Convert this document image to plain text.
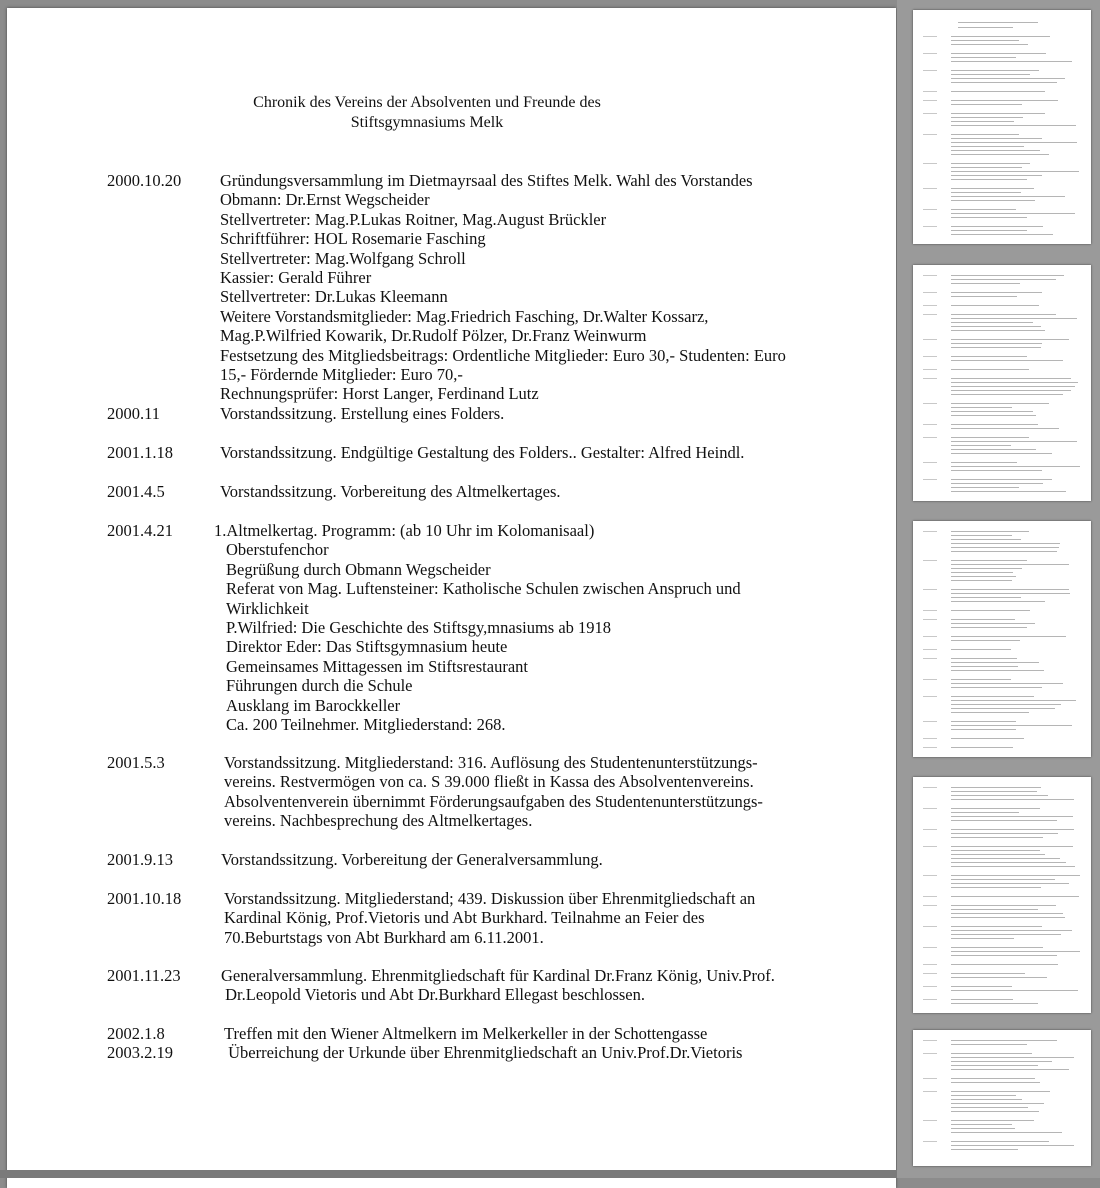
Chronik des Vereins der Absolventen und Freunde des
Stiftsgymnasiums Melk
2000.10.20 Gründungsversammlung im Dietmayrsaal des Stiftes Melk. Wahl des Vorstandes
Obmann: Dr.Ernst Wegscheider
Stellvertreter: Mag.P.Lukas Roitner, Mag.August Brückler
Schriftführer: HOL Rosemarie Fasching
Stellvertreter: Mag.Wolfgang Schroll
Kassier: Gerald Führer
Stellvertreter: Dr.Lukas Kleemann
Weitere Vorstandsmitglieder: Mag.Friedrich Fasching, Dr.Walter Kossarz,
Mag.P.Wilfried Kowarik, Dr.Rudolf Pölzer, Dr.Franz Weinwurm
Festsetzung des Mitgliedsbeitrags: Ordentliche Mitglieder: Euro 30,- Studenten: Euro
15,- Fördernde Mitglieder: Euro 70,-
Rechnungsprüfer: Horst Langer, Ferdinand Lutz
2000.11	Vorstandssitzung. Erstellung eines Folders.
2001.1.18	Vorstandssitzung. Endgültige Gestaltung des Folders.. Gestalter: Alfred Heindl.
2001.4.5	Vorstandssitzung. Vorbereitung des Altmelkertages.
2001.4.21 1.Altmelkertag. Programm: (ab 10 Uhr im Kolomanisaal)
Oberstufenchor
Begrüßung durch Obmann Wegscheider
Referat von Mag. Luftensteiner: Katholische Schulen zwischen Anspruch und
Wirklichkeit
P.Wilfried: Die Geschichte des Stiftsgy,mnasiums ab 1918
Direktor Eder: Das Stiftsgymnasium heute
Gemeinsames Mittagessen im Stiftsrestaurant
Führungen durch die Schule
Ausklang im Barockkeller
Ca. 200 Teilnehmer. Mitgliederstand: 268.
2001.5.3	Vorstandssitzung. Mitgliederstand: 316. Auflösung des Studentenunterstützungs-
vereins. Restvermögen von ca. S 39.000 fließt in Kassa des Absolventenvereins.
Absolventenverein übernimmt Förderungsaufgaben des Studentenunterstützungs-
vereins. Nachbesprechung des Altmelkertages.
2001.9.13	Vorstandssitzung. Vorbereitung der Generalversammlung.
2001.10.18	Vorstandssitzung. Mitgliederstand; 439. Diskussion über Ehrenmitgliedschaft an
Kardinal König, Prof.Vietoris und Abt Burkhard. Teilnahme an Feier des
70.Beburtstags von Abt Burkhard am 6.11.2001.
2001.11.23 Generalversammlung. Ehrenmitgliedschaft für Kardinal Dr.Franz König, Univ.Prof.
Dr.Leopold Vietoris und Abt Dr.Burkhard Ellegast beschlossen.
2002.1.8	Treffen mit den Wiener Altmelkern im Melkerkeller in der Schottengasse
2003.2.19	Überreichung der Urkunde über Ehrenmitgliedschaft an Univ.Prof.Dr.Vietoris
